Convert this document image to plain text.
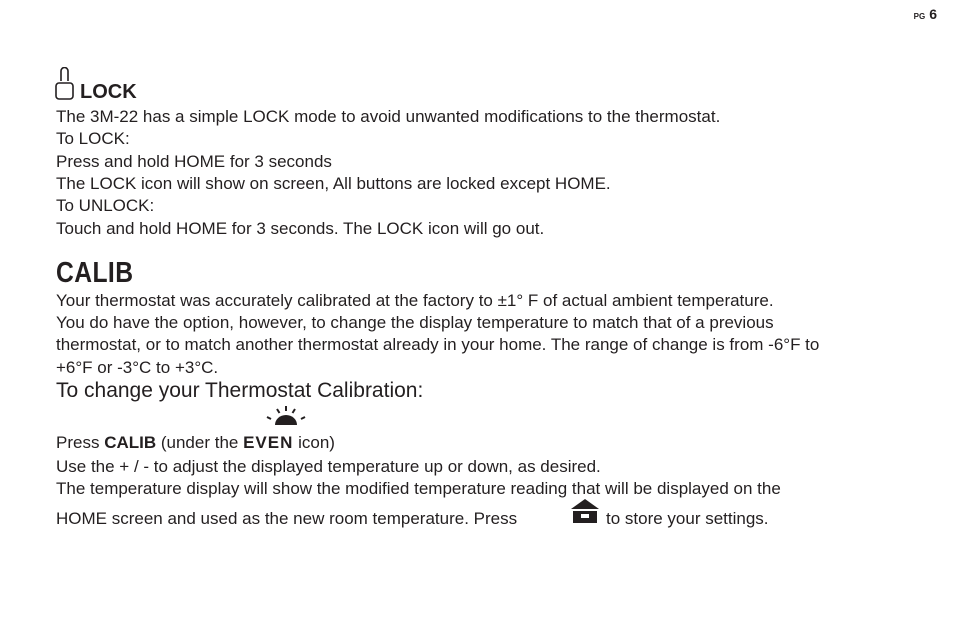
PG 6
LOCK
The 3M-22 has a simple LOCK mode to avoid unwanted modifications to the thermostat.
To LOCK:
Press and hold HOME for 3 seconds
The LOCK icon will show on screen, All buttons are locked except HOME.
To UNLOCK:
Touch and hold HOME for 3 seconds. The LOCK icon will go out.
CALIB
Your thermostat was accurately calibrated at the factory to ±1° F of actual ambient temperature.
You do have the option, however, to change the display temperature to match that of a previous
thermostat, or to match another thermostat already in your home. The range of change is from -6°F to
+6°F or -3°C to +3°C.
To change your Thermostat Calibration:
Press CALIB (under the EVEN icon)
Use the + / - to adjust the displayed temperature up or down, as desired.
The temperature display will show the modified temperature reading that will be displayed on the
HOME screen and used as the new room temperature. Press	to store your settings.
